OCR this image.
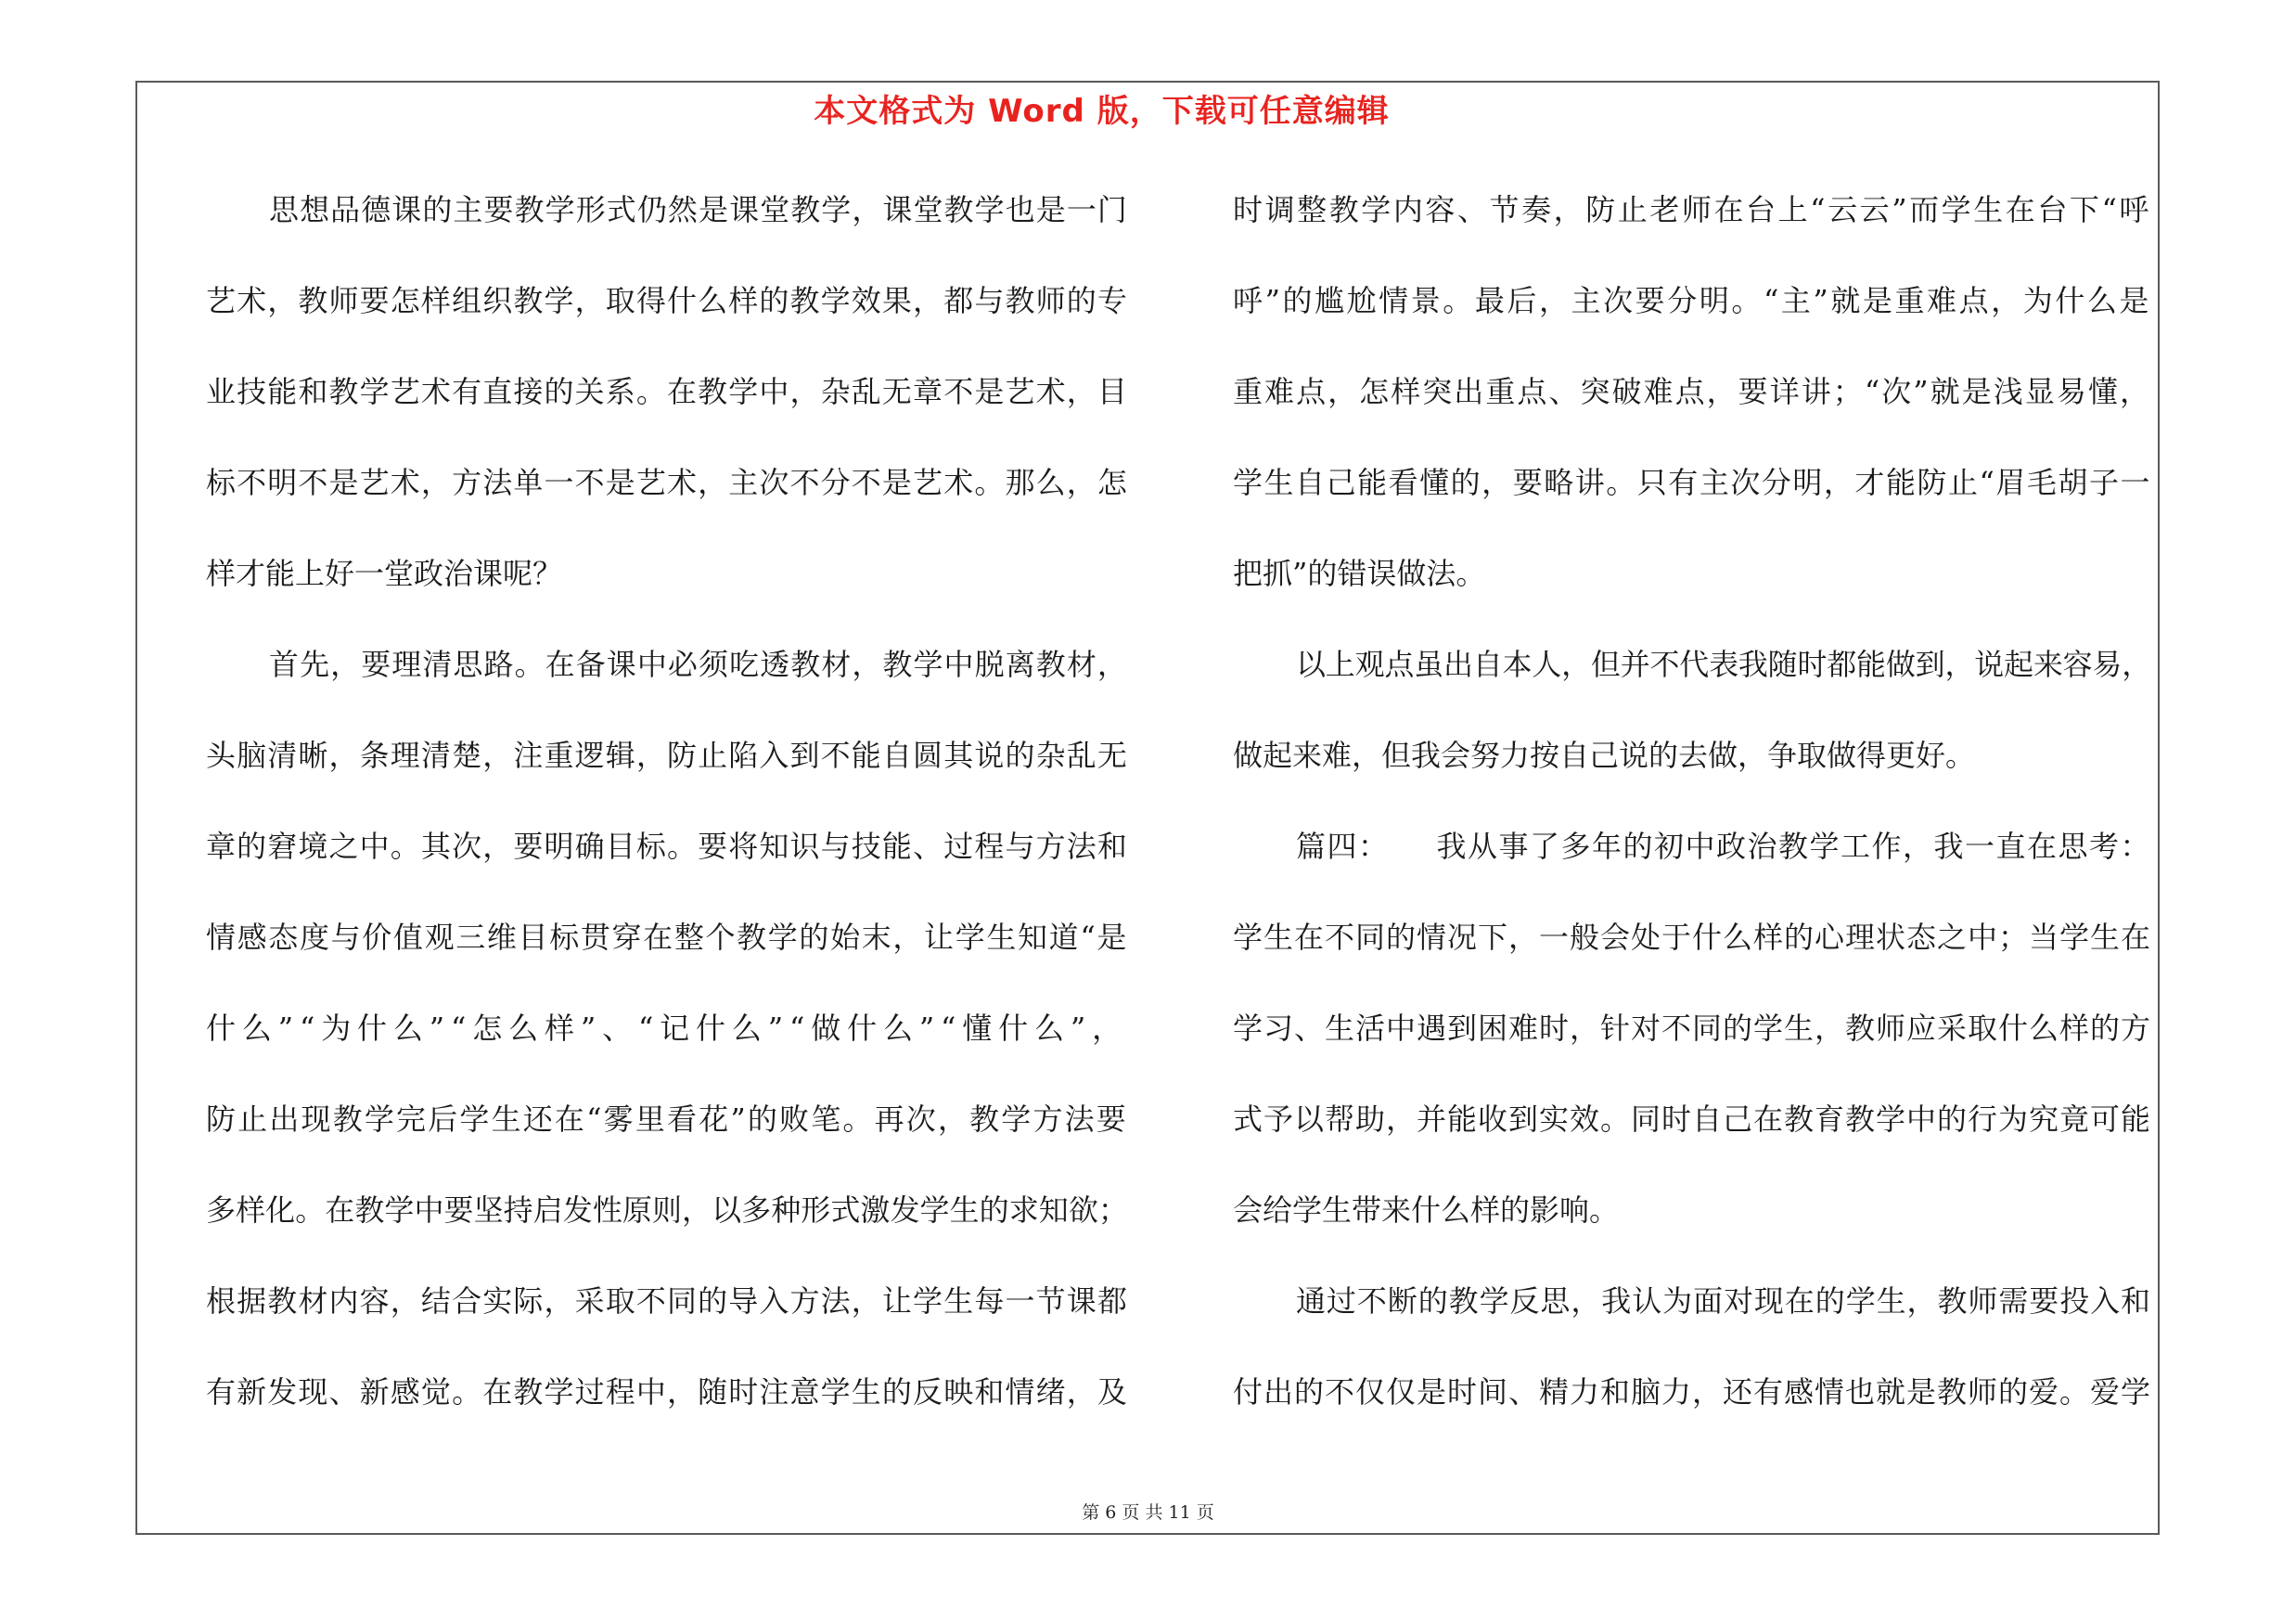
本文格式为 Word 版，下载可任意编辑
思想品德课的主要教学形式仍然是课堂教学，课堂教学也是一门
艺术，教师要怎样组织教学，取得什么样的教学效果，都与教师的专
业技能和教学艺术有直接的关系。在教学中，杂乱无章不是艺术，目
标不明不是艺术，方法单一不是艺术，主次不分不是艺术。那么，怎
样才能上好一堂政治课呢？
首先，要理清思路。在备课中必须吃透教材，教学中脱离教材，
头脑清晰，条理清楚，注重逻辑，防止陷入到不能自圆其说的杂乱无
章的窘境之中。其次，要明确目标。要将知识与技能、过程与方法和
情感态度与价值观三维目标贯穿在整个教学的始末，让学生知道“是
什么”“为什么”“怎么样”、“记什么”“做什么”“懂什么”，
防止出现教学完后学生还在“雾里看花”的败笔。再次，教学方法要
多样化。在教学中要坚持启发性原则，以多种形式激发学生的求知欲；
根据教材内容，结合实际，采取不同的导入方法，让学生每一节课都
有新发现、新感觉。在教学过程中，随时注意学生的反映和情绪，及
时调整教学内容、节奏，防止老师在台上“云云”而学生在台下“呼
呼”的尴尬情景。最后，主次要分明。“主”就是重难点，为什么是
重难点，怎样突出重点、突破难点，要详讲；“次”就是浅显易懂，
学生自己能看懂的，要略讲。只有主次分明，才能防止“眉毛胡子一
把抓”的错误做法。
以上观点虽出自本人，但并不代表我随时都能做到，说起来容易，
做起来难，但我会努力按自己说的去做，争取做得更好。
篇四：　　我从事了多年的初中政治教学工作，我一直在思考：
学生在不同的情况下，一般会处于什么样的心理状态之中；当学生在
学习、生活中遇到困难时，针对不同的学生，教师应采取什么样的方
式予以帮助，并能收到实效。同时自己在教育教学中的行为究竟可能
会给学生带来什么样的影响。
通过不断的教学反思，我认为面对现在的学生，教师需要投入和
付出的不仅仅是时间、精力和脑力，还有感情也就是教师的爱。爱学
第 6 页 共 11 页
